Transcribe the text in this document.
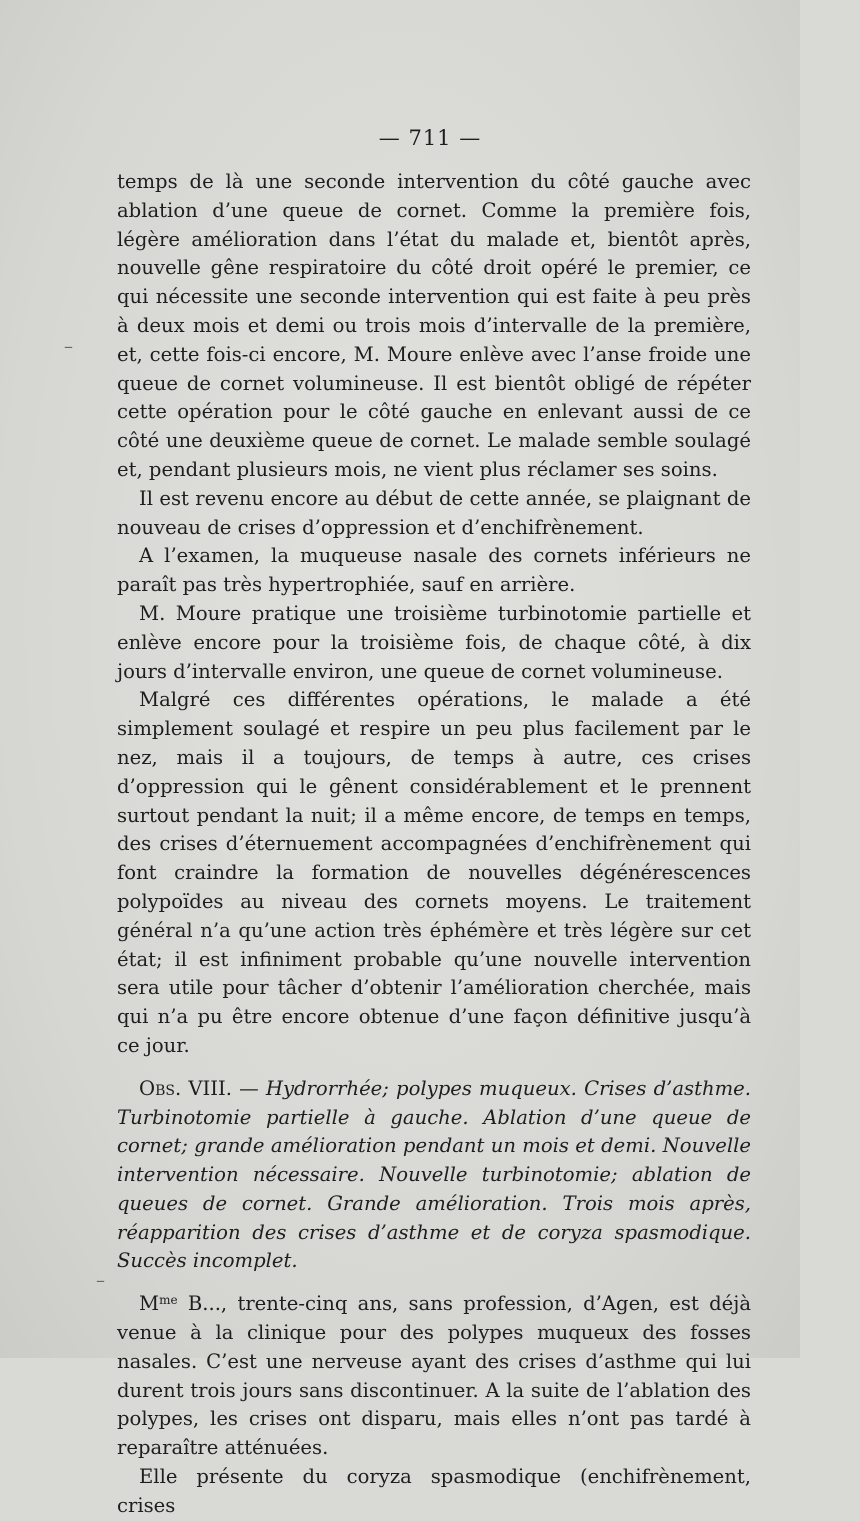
–
–
— 711 —

temps de là une seconde intervention du côté gauche avec ablation d’une queue de cornet. Comme la première fois, légère amélioration dans l’état du malade et, bientôt après, nouvelle gêne respiratoire du côté droit opéré le premier, ce qui nécessite une seconde intervention qui est faite à peu près à deux mois et demi ou trois mois d’intervalle de la première, et, cette fois-ci encore, M. Moure enlève avec l’anse froide une queue de cornet volumineuse. Il est bientôt obligé de répéter cette opération pour le côté gauche en enlevant aussi de ce côté une deuxième queue de cornet. Le malade semble soulagé et, pendant plusieurs mois, ne vient plus réclamer ses soins.

Il est revenu encore au début de cette année, se plaignant de nouveau de crises d’oppression et d’enchifrènement.

A l’examen, la muqueuse nasale des cornets inférieurs ne paraît pas très hypertrophiée, sauf en arrière.

M. Moure pratique une troisième turbinotomie partielle et enlève encore pour la troisième fois, de chaque côté, à dix jours d’intervalle environ, une queue de cornet volumineuse.

Malgré ces différentes opérations, le malade a été simplement soulagé et respire un peu plus facilement par le nez, mais il a toujours, de temps à autre, ces crises d’oppression qui le gênent considérablement et le prennent surtout pendant la nuit; il a même encore, de temps en temps, des crises d’éternuement accompagnées d’enchifrènement qui font craindre la formation de nouvelles dégénérescences polypoïdes au niveau des cornets moyens. Le traitement général n’a qu’une action très éphémère et très légère sur cet état; il est infiniment probable qu’une nouvelle intervention sera utile pour tâcher d’obtenir l’amélioration cherchée, mais qui n’a pu être encore obtenue d’une façon définitive jusqu’à ce jour.

Obs. VIII. — Hydrorrhée; polypes muqueux. Crises d’asthme. Turbinotomie partielle à gauche. Ablation d’une queue de cornet; grande amélioration pendant un mois et demi. Nouvelle intervention nécessaire. Nouvelle turbinotomie; ablation de queues de cornet. Grande amélioration. Trois mois après, réapparition des crises d’asthme et de coryza spasmodique. Succès incomplet.

$M^{me}$ B..., trente-cinq ans, sans profession, d’Agen, est déjà venue à la clinique pour des polypes muqueux des fosses nasales. C’est une nerveuse ayant des crises d’asthme qui lui durent trois jours sans discontinuer. A la suite de l’ablation des polypes, les crises ont disparu, mais elles n’ont pas tardé à reparaître atténuées.

Elle présente du coryza spasmodique (enchifrènement, crises
